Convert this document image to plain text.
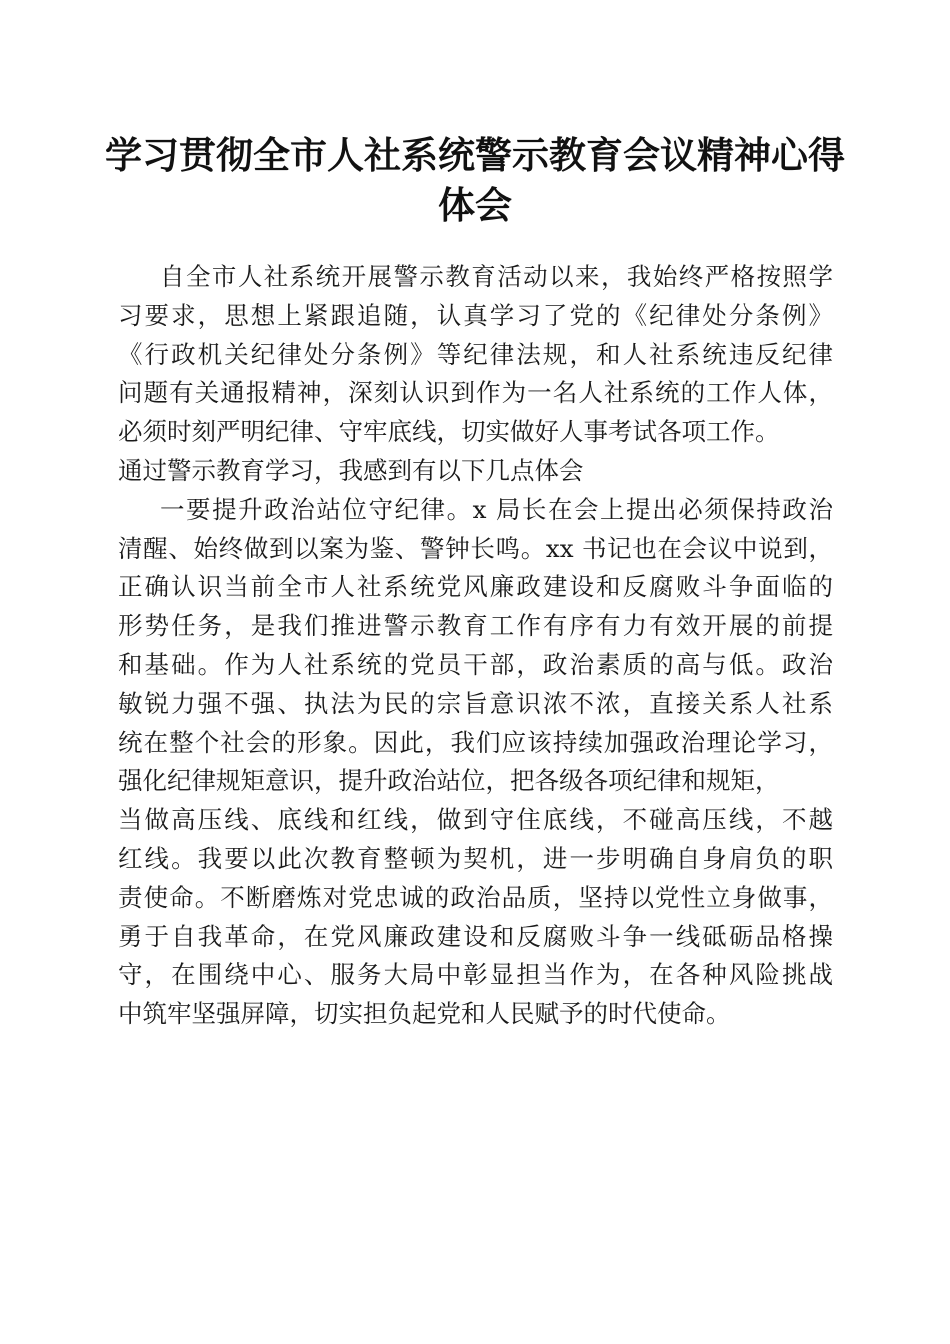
学习贯彻全市人社系统警示教育会议精神心得
体会
自全市人社系统开展警示教育活动以来，我始终严格按照学
习要求，思想上紧跟追随，认真学习了党的《纪律处分条例》
《行政机关纪律处分条例》等纪律法规，和人社系统违反纪律
问题有关通报精神，深刻认识到作为一名人社系统的工作人体，
必须时刻严明纪律、守牢底线，切实做好人事考试各项工作。
通过警示教育学习，我感到有以下几点体会
一要提升政治站位守纪律。x 局长在会上提出必须保持政治
清醒、始终做到以案为鉴、警钟长鸣。xx 书记也在会议中说到，
正确认识当前全市人社系统党风廉政建设和反腐败斗争面临的
形势任务，是我们推进警示教育工作有序有力有效开展的前提
和基础。作为人社系统的党员干部，政治素质的高与低。政治
敏锐力强不强、执法为民的宗旨意识浓不浓，直接关系人社系
统在整个社会的形象。因此，我们应该持续加强政治理论学习，
强化纪律规矩意识，提升政治站位，把各级各项纪律和规矩，
当做高压线、底线和红线，做到守住底线，不碰高压线，不越
红线。我要以此次教育整顿为契机，进一步明确自身肩负的职
责使命。不断磨炼对党忠诚的政治品质，坚持以党性立身做事，
勇于自我革命，在党风廉政建设和反腐败斗争一线砥砺品格操
守，在围绕中心、服务大局中彰显担当作为，在各种风险挑战
中筑牢坚强屏障，切实担负起党和人民赋予的时代使命。
